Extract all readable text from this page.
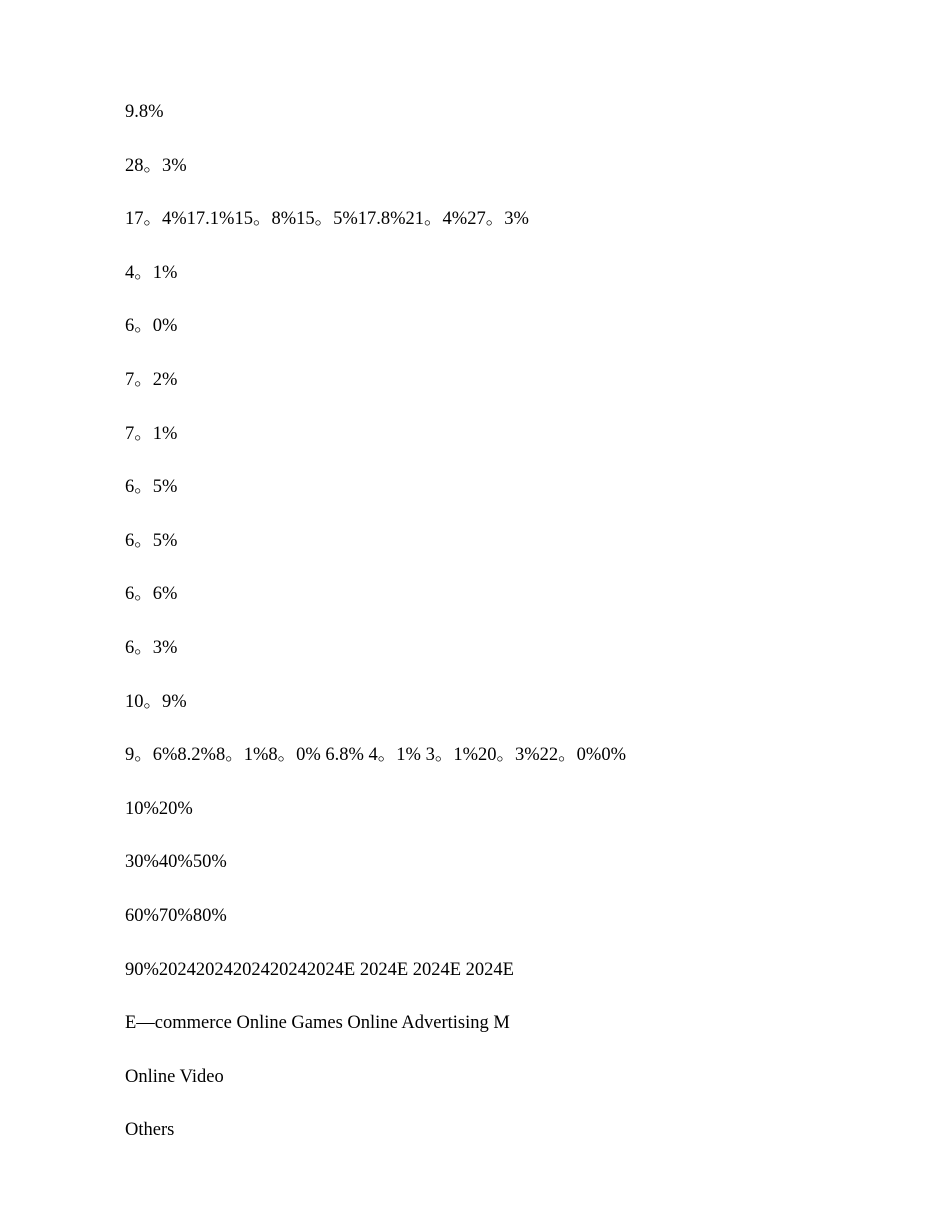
9.8%
28。3%
17。4%17.1%15。8%15。5%17.8%21。4%27。3%
4。1%
6。0%
7。2%
7。1%
6。5%
6。5%
6。6%
6。3%
10。9%
9。6%8.2%8。1%8。0% 6.8% 4。1% 3。1%20。3%22。0%0%
10%20%
30%40%50%
60%70%80%
90%20242024202420242024E 2024E 2024E 2024E
E—commerce Online Games Online Advertising M
Online Video
Others
